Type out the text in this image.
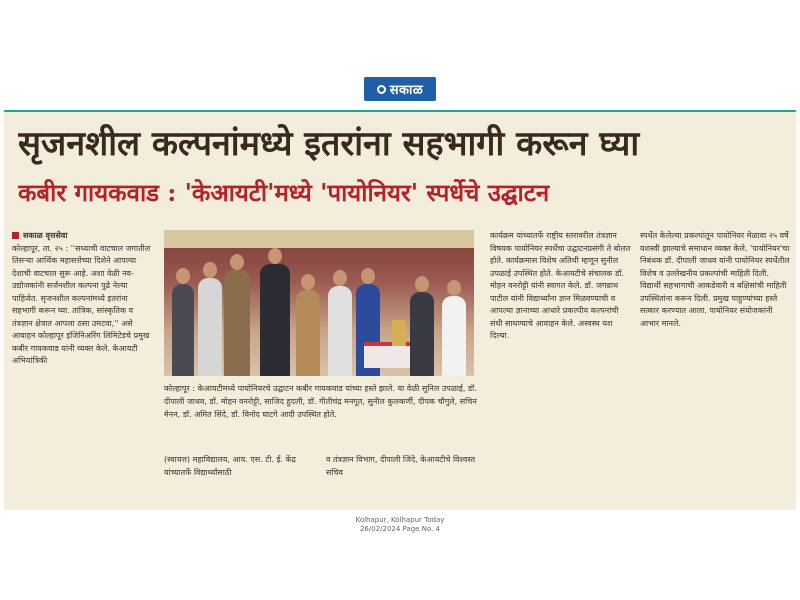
सकाळ
सृजनशील कल्पनांमध्ये इतरांना सहभागी करून घ्या
कबीर गायकवाड : 'केआयटी'मध्ये 'पायोनियर' स्पर्धेचे उद्घाटन

सकाळ वृत्तसेवा

कोल्हापूर, ता. २५ : ''सध्याची वाटचाल जगातील तिसऱ्या आर्थिक महासत्तेच्या दिशेने आपल्या देशाची वाटचाल सुरू आहे. अशा वेळी नव-उद्योजकांनी सर्जनशील कल्पना पुढे नेल्या पाहिजेत. सृजनशील कल्पनांमध्ये इतरांना सहभागी करून घ्या. तांत्रिक, सांस्कृतिक व तंत्रज्ञान क्षेत्रात आपला ठसा उमटवा,'' असे आवाहन कोल्हापूर इंजिनिअरिंग लिमिटेडचे प्रमुख कबीर गायकवाड यांनी व्यक्त केले. केआयटी अभियांत्रिकी

कोल्हापूर : केआयटीमध्ये पायोनियरचे उद्घाटन कबीर गायकवाड यांच्या हस्ते झाले. या वेळी सुनिल उपळाई, डॉ. दीपाली जाधव, डॉ. मोहन वनरोट्टी, साजिद हुदली, डॉ. गीतीचंद्र मनगूत, सुनील कुलकर्णी, दीपक चौगुले, सचिन मेनन, डॉ. अमित सिंदे, डॉ. विनोद घाटगे आदी उपस्थित होते.
(स्वायत्त) महाविद्यालय, आय. एस. टी. ई. केंद्र यांच्यातर्फे विद्यार्थ्यांसाठी
व तंत्रज्ञान विभाग, दीपाली जिंदे, केआयटीचे विश्वस्त सचिव
कार्यक्रम यांच्यातर्फे राष्ट्रीय स्तरावरील तंत्रज्ञान विषयक पायोनियर स्पर्धेचा उद्घाटनप्रसंगी ते बोलत होते. कार्यक्रमास विशेष अतिथी म्हणून सुनील उपळाई उपस्थित होते. केआयटीचे संचालक डॉ. मोहन वनरोट्टी यांनी स्वागत केले. डॉ. जगन्नाथ पाटील यांनी विद्यार्थ्यांना ज्ञान मिळवण्याची व आपल्या ज्ञानाच्या आधारे प्रकल्पीय कल्पनांची संधी साधण्याचे आवाहन केले. अस्वस्थ यश दिल्या.
स्पर्धेत केलेल्या प्रकल्पांतून पायोनियर मेळावा २५ वर्षे यशस्वी झाल्याचे समाधान व्यक्त केले. 'पायोनियर'चा निबंधक डॉ. दीपाली जाधव यांनी पायोनियर स्पर्धेतील विशेष व उल्लेखनीय प्रकल्पांची माहिती दिली. विद्यार्थी सहभागाची आकडेवारी व बक्षिसांची माहिती उपस्थितांना करून दिली. प्रमुख पाहुण्यांच्या हस्ते सत्कार करण्यात आला. पायोनियर संयोजकांनी आभार मानले.
Kolhapur, Kolhapur Today
26/02/2024 Page No. 4
